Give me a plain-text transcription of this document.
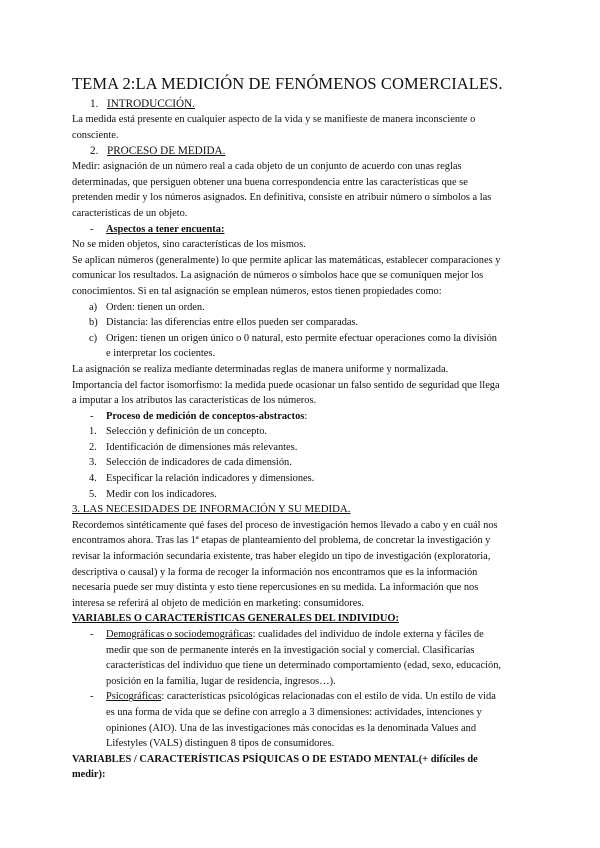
TEMA 2:LA MEDICIÓN DE FENÓMENOS COMERCIALES.
1. INTRODUCCIÓN.

La medida está presente en cualquier aspecto de la vida y se manifieste de manera inconsciente o consciente.

2. PROCESO DE MEDIDA.

Medir: asignación de un número real a cada objeto de un conjunto de acuerdo con unas reglas determinadas, que persiguen obtener una buena correspondencia entre las características que se pretenden medir y los números asignados. En definitiva, consiste en atribuir número o símbolos a las características de un objeto.

- Aspectos a tener encuenta:

No se miden objetos, sino características de los mismos.

Se aplican números (generalmente) lo que permite aplicar las matemáticas, establecer comparaciones y comunicar los resultados. La asignación de números o símbolos hace que se comuniquen mejor los conocimientos. Si en tal asignación se emplean números, estos tienen propiedades como:

a) Orden: tienen un orden.
b) Distancia: las diferencias entre ellos pueden ser comparadas.
c) Origen: tienen un origen único o 0 natural, esto permite efectuar operaciones como la división e interpretar los cocientes.

La asignación se realiza mediante determinadas reglas de manera uniforme y normalizada.

Importancia del factor isomorfismo: la medida puede ocasionar un falso sentido de seguridad que llega a imputar a los atributos las características de los números.

- Proceso de medición de conceptos-abstractos:
1. Selección y definición de un concepto.
2. Identificación de dimensiones más relevantes.
3. Selección de indicadores de cada dimensión.
4. Especificar la relación indicadores y dimensiones.
5. Medir con los indicadores.
3. LAS NECESIDADES DE INFORMACIÓN Y SU MEDIDA.

Recordemos sintéticamente qué fases del proceso de investigación hemos llevado a cabo y en cuál nos encontramos ahora. Tras las 1ª etapas de planteamiento del problema, de concretar la investigación y revisar la información secundaria existente, tras haber elegido un tipo de investigación (exploratoria, descriptiva o causal) y la forma de recoger la información nos encontramos que es la información necesaria puede ser muy distinta y esto tiene repercusiones en su medida. La información que nos interesa se referirá al objeto de medición en marketing: consumidores.

VARIABLES O CARACTERÍSTICAS GENERALES DEL INDIVIDUO:
- Demográficas o sociodemográficas: cualidades del individuo de índole externa y fáciles de medir que son de permanente interés en la investigación social y comercial. Clasificarías características del individuo que tiene un determinado comportamiento (edad, sexo, educación, posición en la familia, lugar de residencia, ingresos…).
- Psicográficas: características psicológicas relacionadas con el estilo de vida. Un estilo de vida es una forma de vida que se define con arreglo a 3 dimensiones: actividades, intenciones y opiniones (AIO). Una de las investigaciones más conocidas es la denominada Values and Lifestyles (VALS) distinguen 8 tipos de consumidores.
VARIABLES / CARACTERÍSTICAS PSÍQUICAS O DE ESTADO MENTAL(+ difíciles de medir):
